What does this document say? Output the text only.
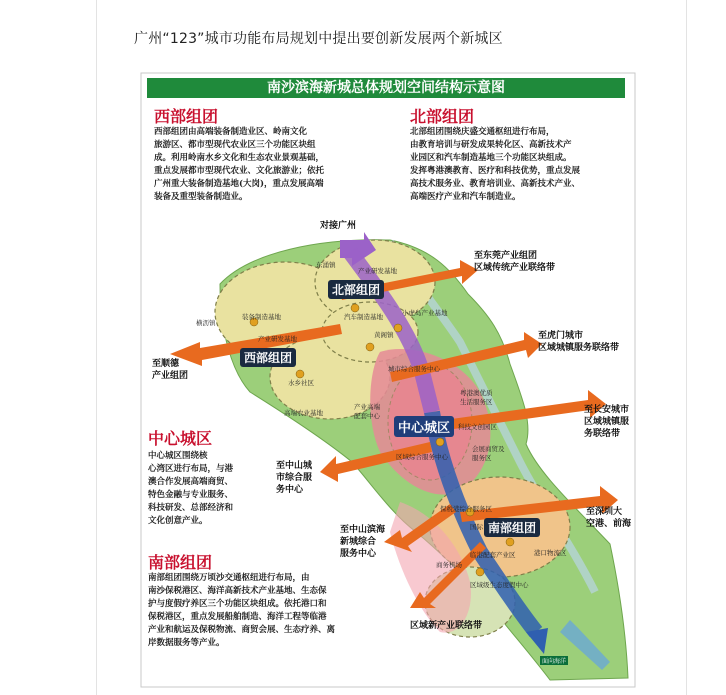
广州“123”城市功能布局规划中提出要创新发展两个新城区
南沙滨海新城总体规划空间结构示意图
西部组团
西部组团由高端装备制造业区、岭南文化
旅游区、都市型现代农业区三个功能区块组
成。利用岭南水乡文化和生态农业景观基础，
重点发展都市型现代农业、文化旅游业；依托
广州重大装备制造基地(大岗)，重点发展高端
装备及重型装备制造业。
北部组团
北部组团围绕庆盛交通枢纽进行布局，
由教育培训与研发成果转化区、高新技术产
业园区和汽车制造基地三个功能区块组成。
发挥粤港澳教育、医疗和科技优势，重点发展
高技术服务业、教育培训业、高新技术产业、
高端医疗产业和汽车制造业。
中心城区
中心城区围绕核
心湾区进行布局，与港
澳合作发展高端商贸、
特色金融与专业服务、
科技研发、总部经济和
文化创意产业。
南部组团
南部组团围绕万顷沙交通枢纽进行布局，由
南沙保税港区、海洋高新技术产业基地、生态保
护与度假疗养区三个功能区块组成。依托港口和
保税港区，重点发展船舶制造、海洋工程等临港
产业和航运及保税物流、商贸会展、生态疗养、离
岸数据服务等产业。
对接广州
至东莞产业组团
区域传统产业联络带
至虎门城市
区域城镇服务联络带
至长安城市
区域城镇服
务联络带
至深圳大
空港、前海
至顺德
产业组团
至中山城
市综合服
务中心
至中山滨海
新城综合
服务中心
区域新产业联络带
北部组团
西部组团
中心城区
南部组团
东涌镇
横沥镇
装备制造基地
产业研发基地
汽车制造基地	小虎岛产业基地
黄阁镇
产业研发基地
水乡社区
高端农业基地
城市综合服务中心
粤港澳优质
生活服务区
产业高端
配套中心
科技文创园区
会展商贸及
服务区
区域综合服务中心
保税港综合服务区
港口物流区
临港配套产业区
国际
商务机场
区域级生态度假中心
面向海洋
